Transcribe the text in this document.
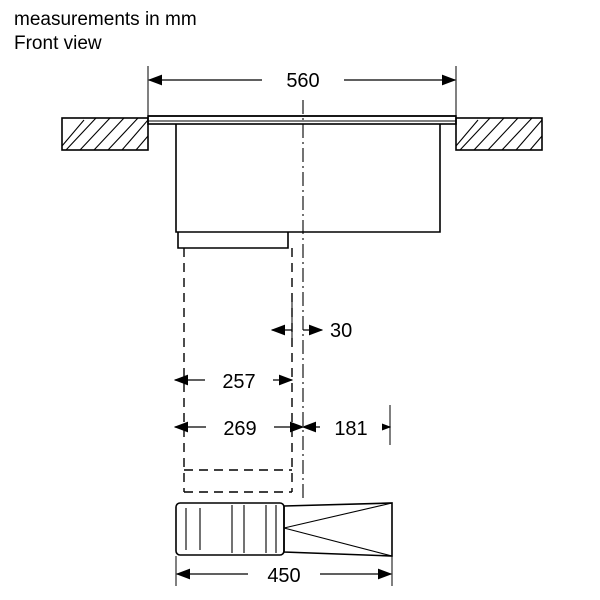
measurements in mm
Front view
560
30
257
269	181
450
